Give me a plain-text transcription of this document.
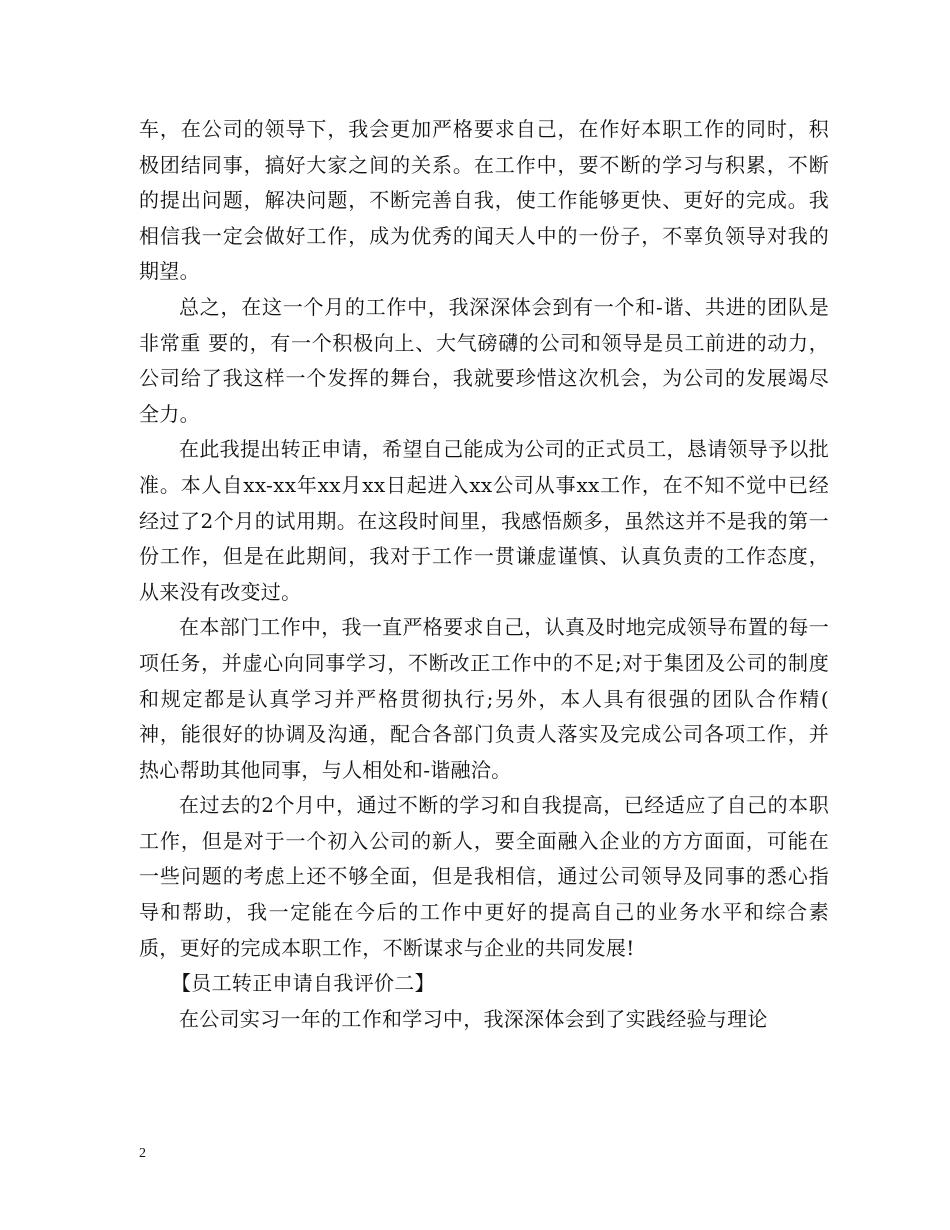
车，在公司的领导下，我会更加严格要求自己，在作好本职工作的同时，积极团结同事，搞好大家之间的关系。在工作中，要不断的学习与积累，不断的提出问题，解决问题，不断完善自我，使工作能够更快、更好的完成。我相信我一定会做好工作，成为优秀的闻天人中的一份子，不辜负领导对我的期望。

总之，在这一个月的工作中，我深深体会到有一个和-谐、共进的团队是非常重 要的，有一个积极向上、大气磅礴的公司和领导是员工前进的动力，公司给了我这样一个发挥的舞台，我就要珍惜这次机会，为公司的发展竭尽全力。

在此我提出转正申请，希望自己能成为公司的正式员工，恳请领导予以批准。本人自xx-xx年xx月xx日起进入xx公司从事xx工作，在不知不觉中已经经过了2个月的试用期。在这段时间里，我感悟颇多，虽然这并不是我的第一份工作，但是在此期间，我对于工作一贯谦虚谨慎、认真负责的工作态度，从来没有改变过。

在本部门工作中，我一直严格要求自己，认真及时地完成领导布置的每一项任务，并虚心向同事学习，不断改正工作中的不足;对于集团及公司的制度和规定都是认真学习并严格贯彻执行;另外，本人具有很强的团队合作精( 神，能很好的协调及沟通，配合各部门负责人落实及完成公司各项工作，并热心帮助其他同事，与人相处和-谐融洽。

在过去的2个月中，通过不断的学习和自我提高，已经适应了自己的本职工作，但是对于一个初入公司的新人，要全面融入企业的方方面面，可能在一些问题的考虑上还不够全面，但是我相信，通过公司领导及同事的悉心指导和帮助，我一定能在今后的工作中更好的提高自己的业务水平和综合素质，更好的完成本职工作，不断谋求与企业的共同发展!

【员工转正申请自我评价二】

在公司实习一年的工作和学习中，我深深体会到了实践经验与理论

2
